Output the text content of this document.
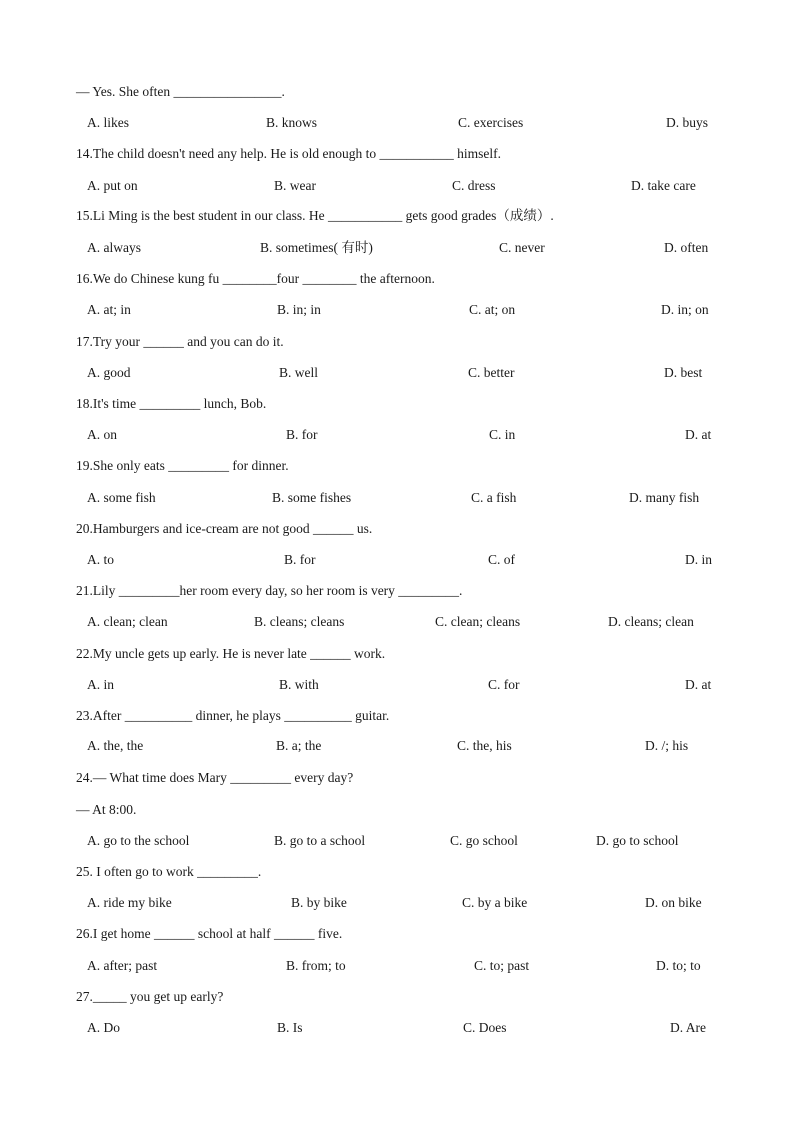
— Yes. She often ________________.
A. likes	B. knows	C. exercises	D. buys
14.The child doesn't need any help. He is old enough to ___________ himself.
A. put on	B. wear	C. dress	D. take care
15.Li Ming is the best student in our class. He ___________ gets good grades（成绩）.
A. always	B. sometimes( 有时)	C. never	D. often
16.We do Chinese kung fu ________four ________ the afternoon.
A. at; in	B. in; in	C. at; on	D. in; on
17.Try your ______ and you can do it.
A. good	B. well	C. better	D. best
18.It's time _________ lunch, Bob.
A. on	B. for	C. in	D. at
19.She only eats _________ for dinner.
A. some fish	B. some fishes	C. a fish	D. many fish
20.Hamburgers and ice-cream are not good ______ us.
A. to	B. for	C. of	D. in
21.Lily _________her room every day, so her room is very _________.
A. clean; clean	B. cleans; cleans	C. clean; cleans	D. cleans; clean
22.My uncle gets up early. He is never late ______ work.
A. in	B. with	C. for	D. at
23.After __________ dinner, he plays __________ guitar.
A. the, the	B. a; the	C. the, his	D. /; his
24.— What time does Mary _________ every day?
— At 8:00.
A. go to the school	B. go to a school	C. go school	D. go to school
25. I often go to work _________.
A. ride my bike	B. by bike	C. by a bike	D. on bike
26.I get home ______ school at half ______ five.
A. after; past	B. from; to	C. to; past	D. to; to
27._____ you get up early?
A. Do	B. Is	C. Does	D. Are
